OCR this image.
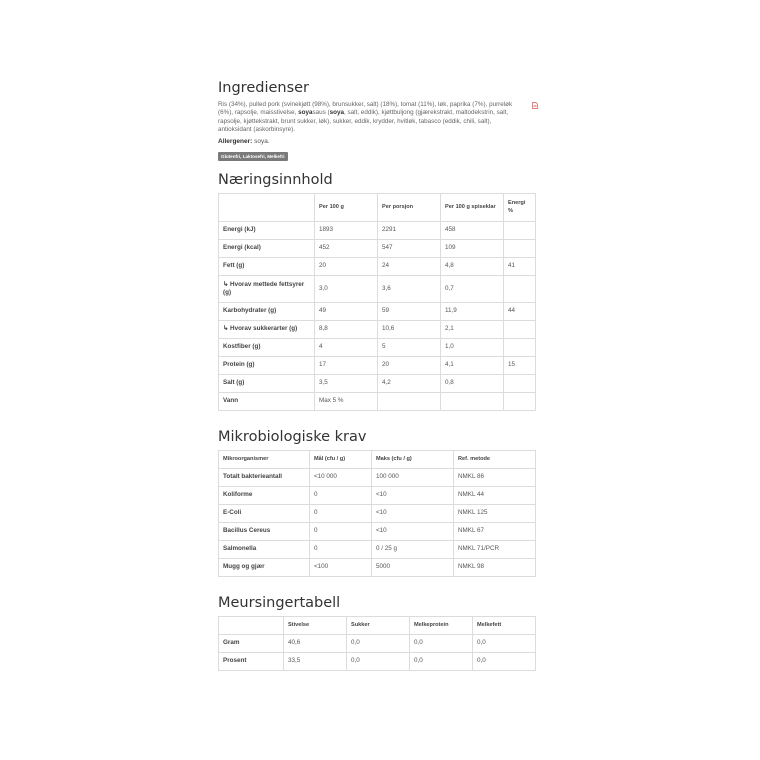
Ingredienser
Ris (34%), pulled pork (svinekjøtt (98%), brunsukker, salt) (18%), tomat (11%), løk, paprika (7%), purreløk (6%), rapsolje, maisstivelse, soyasaus (soya, salt, eddik), kjøttbuljong (gjærekstrakt, maltodekstrin, salt, rapsolje, kjøttekstrakt, brunt sukker, løk), sukker, eddik, krydder, hvitløk, tabasco (eddik, chili, salt), antioksidant (askorbinsyre).
Allergener: soya.
Glutenfri, Laktosefri, Melkefri
Næringsinnhold
	Per 100 g	Per porsjon	Per 100 g spiseklar	Energi %
Energi (kJ)	1893	2291	458	
Energi (kcal)	452	547	109	
Fett (g)	20	24	4,8	41
↳ Hvorav mettede fettsyrer (g)	3,0	3,6	0,7	
Karbohydrater (g)	49	59	11,9	44
↳ Hvorav sukkerarter (g)	8,8	10,6	2,1	
Kostfiber (g)	4	5	1,0	
Protein (g)	17	20	4,1	15
Salt (g)	3,5	4,2	0,8	
Vann	Max 5 %			
Mikrobiologiske krav
Mikroorganismer	Mål (cfu / g)	Maks (cfu / g)	Ref. metode
Totalt bakterieantall	<10 000	100 000	NMKL 86
Koliforme	0	<10	NMKL 44
E-Coli	0	<10	NMKL 125
Bacillus Cereus	0	<10	NMKL 67
Salmonella	0	0 / 25 g	NMKL 71/PCR
Mugg og gjær	<100	5000	NMKL 98
Meursingertabell
	Stivelse	Sukker	Melkeprotein	Melkefett
Gram	40,6	0,0	0,0	0,0
Prosent	33,5	0,0	0,0	0,0
